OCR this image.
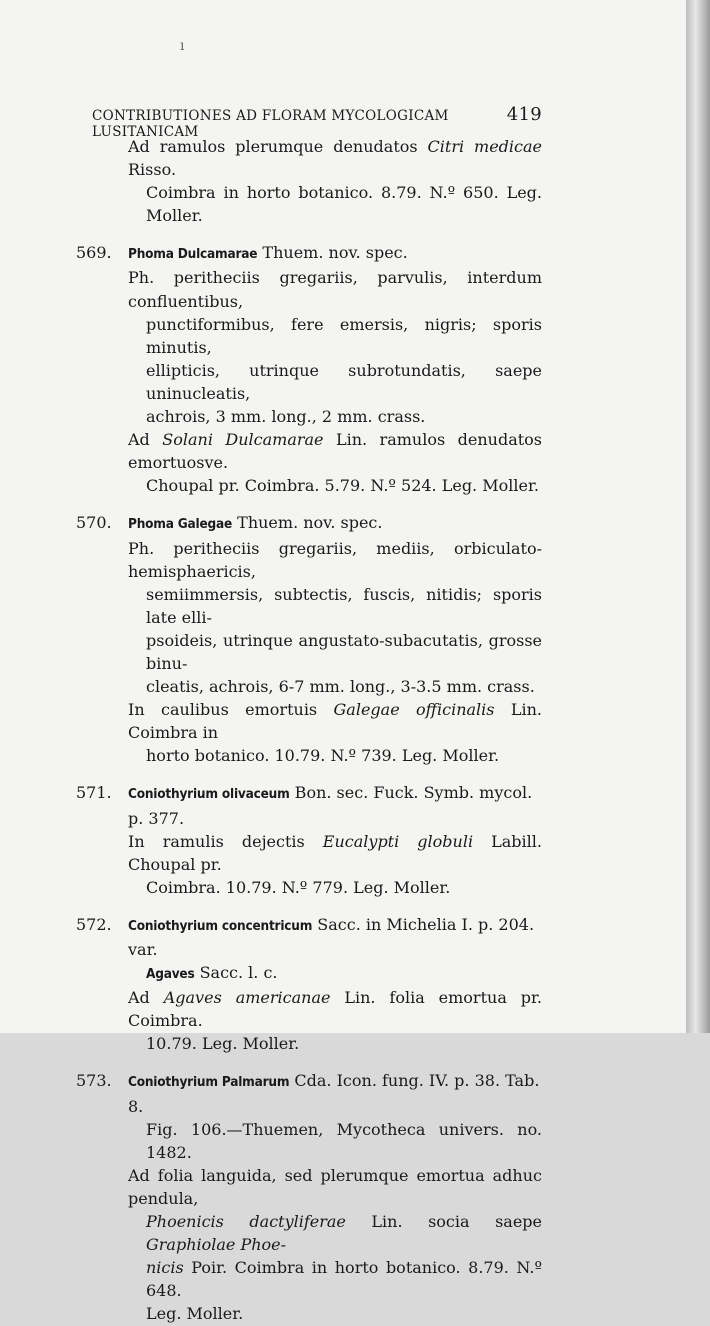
ı
CONTRIBUTIONES AD FLORAM MYCOLOGICAM LUSITANICAM
419

Ad ramulos plerumque denudatos Citri medicae Risso.

Coimbra in horto botanico. 8.79. N.º 650. Leg. Moller.

569.	Phoma Dulcamarae Thuem. nov. spec.

Ph. peritheciis gregariis, parvulis, interdum confluentibus,

punctiformibus, fere emersis, nigris; sporis minutis,

ellipticis, utrinque subrotundatis, saepe uninucleatis,

achrois, 3 mm. long., 2 mm. crass.

Ad Solani Dulcamarae Lin. ramulos denudatos emortuosve.

Choupal pr. Coimbra. 5.79. N.º 524. Leg. Moller.

570.	Phoma Galegae Thuem. nov. spec.

Ph. peritheciis gregariis, mediis, orbiculato-hemisphaericis,

semiimmersis, subtectis, fuscis, nitidis; sporis late elli-

psoideis, utrinque angustato-subacutatis, grosse binu-

cleatis, achrois, 6-7 mm. long., 3-3.5 mm. crass.

In caulibus emortuis Galegae officinalis Lin. Coimbra in

horto botanico. 10.79. N.º 739. Leg. Moller.

571.	Coniothyrium olivaceum Bon. sec. Fuck. Symb. mycol. p. 377.

In ramulis dejectis Eucalypti globuli Labill. Choupal pr.

Coimbra. 10.79. N.º 779. Leg. Moller.

572.	Coniothyrium concentricum Sacc. in Michelia I. p. 204. var.

Agaves Sacc. l. c.

Ad Agaves americanae Lin. folia emortua pr. Coimbra.

10.79. Leg. Moller.

573.	Coniothyrium Palmarum Cda. Icon. fung. IV. p. 38. Tab. 8.

Fig. 106.—Thuemen, Mycotheca univers. no. 1482.

Ad folia languida, sed plerumque emortua adhuc pendula,

Phoenicis dactyliferae Lin. socia saepe Graphiolae Phoe-

nicis Poir. Coimbra in horto botanico. 8.79. N.º 648.

Leg. Moller.
